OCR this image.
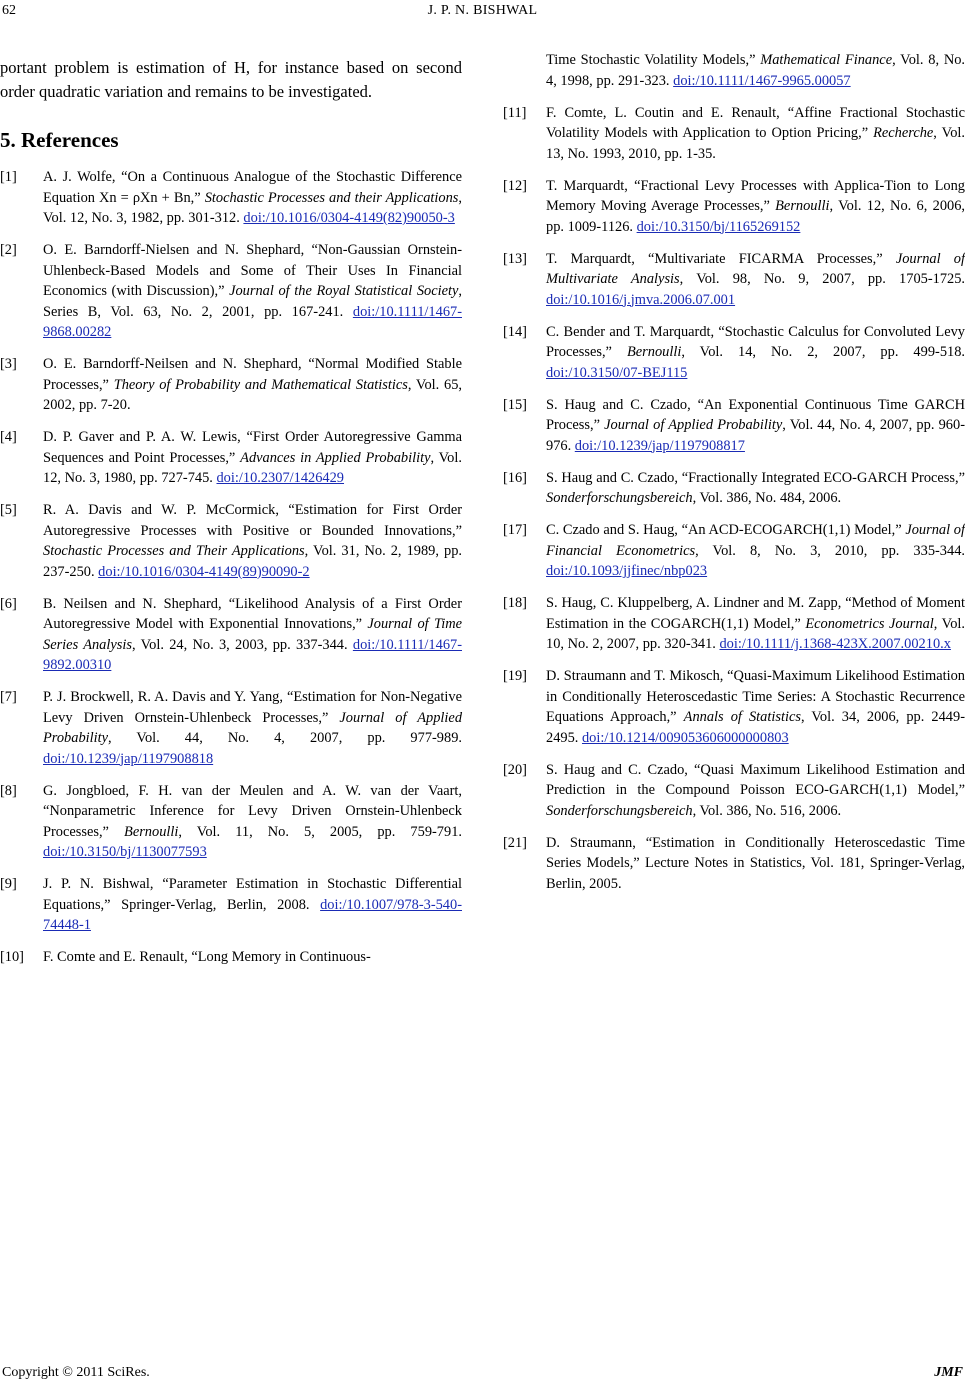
62	J. P. N. BISHWAL

portant problem is estimation of H, for instance based on second order quadratic variation and remains to be investigated.

5. References
[1] A. J. Wolfe, “On a Continuous Analogue of the Stochastic Difference Equation Xn = ρXn + Bn,” Stochastic Processes and their Applications, Vol. 12, No. 3, 1982, pp. 301-312. doi:/10.1016/0304-4149(82)90050-3
[2] O. E. Barndorff-Nielsen and N. Shephard, “Non-Gaussian Ornstein-Uhlenbeck-Based Models and Some of Their Uses In Financial Economics (with Discussion),” Journal of the Royal Statistical Society, Series B, Vol. 63, No. 2, 2001, pp. 167-241. doi:/10.1111/1467-9868.00282
[3] O. E. Barndorff-Neilsen and N. Shephard, “Normal Modified Stable Processes,” Theory of Probability and Mathematical Statistics, Vol. 65, 2002, pp. 7-20.
[4] D. P. Gaver and P. A. W. Lewis, “First Order Autoregressive Gamma Sequences and Point Processes,” Advances in Applied Probability, Vol. 12, No. 3, 1980, pp. 727-745. doi:/10.2307/1426429
[5] R. A. Davis and W. P. McCormick, “Estimation for First Order Autoregressive Processes with Positive or Bounded Innovations,” Stochastic Processes and Their Applications, Vol. 31, No. 2, 1989, pp. 237-250. doi:/10.1016/0304-4149(89)90090-2
[6] B. Neilsen and N. Shephard, “Likelihood Analysis of a First Order Autoregressive Model with Exponential Innovations,” Journal of Time Series Analysis, Vol. 24, No. 3, 2003, pp. 337-344. doi:/10.1111/1467-9892.00310
[7] P. J. Brockwell, R. A. Davis and Y. Yang, “Estimation for Non-Negative Levy Driven Ornstein-Uhlenbeck Processes,” Journal of Applied Probability, Vol. 44, No. 4, 2007, pp. 977-989. doi:/10.1239/jap/1197908818
[8] G. Jongbloed, F. H. van der Meulen and A. W. van der Vaart, “Nonparametric Inference for Levy Driven Ornstein-Uhlenbeck Processes,” Bernoulli, Vol. 11, No. 5, 2005, pp. 759-791. doi:/10.3150/bj/1130077593
[9] J. P. N. Bishwal, “Parameter Estimation in Stochastic Differential Equations,” Springer-Verlag, Berlin, 2008. doi:/10.1007/978-3-540-74448-1
[10] F. Comte and E. Renault, “Long Memory in Continuous-
Time Stochastic Volatility Models,” Mathematical Finance, Vol. 8, No. 4, 1998, pp. 291-323. doi:/10.1111/1467-9965.00057
[11] F. Comte, L. Coutin and E. Renault, “Affine Fractional Stochastic Volatility Models with Application to Option Pricing,” Recherche, Vol. 13, No. 1993, 2010, pp. 1-35.
[12] T. Marquardt, “Fractional Levy Processes with Applica-Tion to Long Memory Moving Average Processes,” Bernoulli, Vol. 12, No. 6, 2006, pp. 1009-1126. doi:/10.3150/bj/1165269152
[13] T. Marquardt, “Multivariate FICARMA Processes,” Journal of Multivariate Analysis, Vol. 98, No. 9, 2007, pp. 1705-1725. doi:/10.1016/j.jmva.2006.07.001
[14] C. Bender and T. Marquardt, “Stochastic Calculus for Convoluted Levy Processes,” Bernoulli, Vol. 14, No. 2, 2007, pp. 499-518. doi:/10.3150/07-BEJ115
[15] S. Haug and C. Czado, “An Exponential Continuous Time GARCH Process,” Journal of Applied Probability, Vol. 44, No. 4, 2007, pp. 960-976. doi:/10.1239/jap/1197908817
[16] S. Haug and C. Czado, “Fractionally Integrated ECO-GARCH Process,” Sonderforschungsbereich, Vol. 386, No. 484, 2006.
[17] C. Czado and S. Haug, “An ACD-ECOGARCH(1,1) Model,” Journal of Financial Econometrics, Vol. 8, No. 3, 2010, pp. 335-344. doi:/10.1093/jjfinec/nbp023
[18] S. Haug, C. Kluppelberg, A. Lindner and M. Zapp, “Method of Moment Estimation in the COGARCH(1,1) Model,” Econometrics Journal, Vol. 10, No. 2, 2007, pp. 320-341. doi:/10.1111/j.1368-423X.2007.00210.x
[19] D. Straumann and T. Mikosch, “Quasi-Maximum Likelihood Estimation in Conditionally Heteroscedastic Time Series: A Stochastic Recurrence Equations Approach,” Annals of Statistics, Vol. 34, 2006, pp. 2449-2495. doi:/10.1214/009053606000000803
[20] S. Haug and C. Czado, “Quasi Maximum Likelihood Estimation and Prediction in the Compound Poisson ECO-GARCH(1,1) Model,” Sonderforschungsbereich, Vol. 386, No. 516, 2006.
[21] D. Straumann, “Estimation in Conditionally Heteroscedastic Time Series Models,” Lecture Notes in Statistics, Vol. 181, Springer-Verlag, Berlin, 2005.
Copyright © 2011 SciRes.	JMF
